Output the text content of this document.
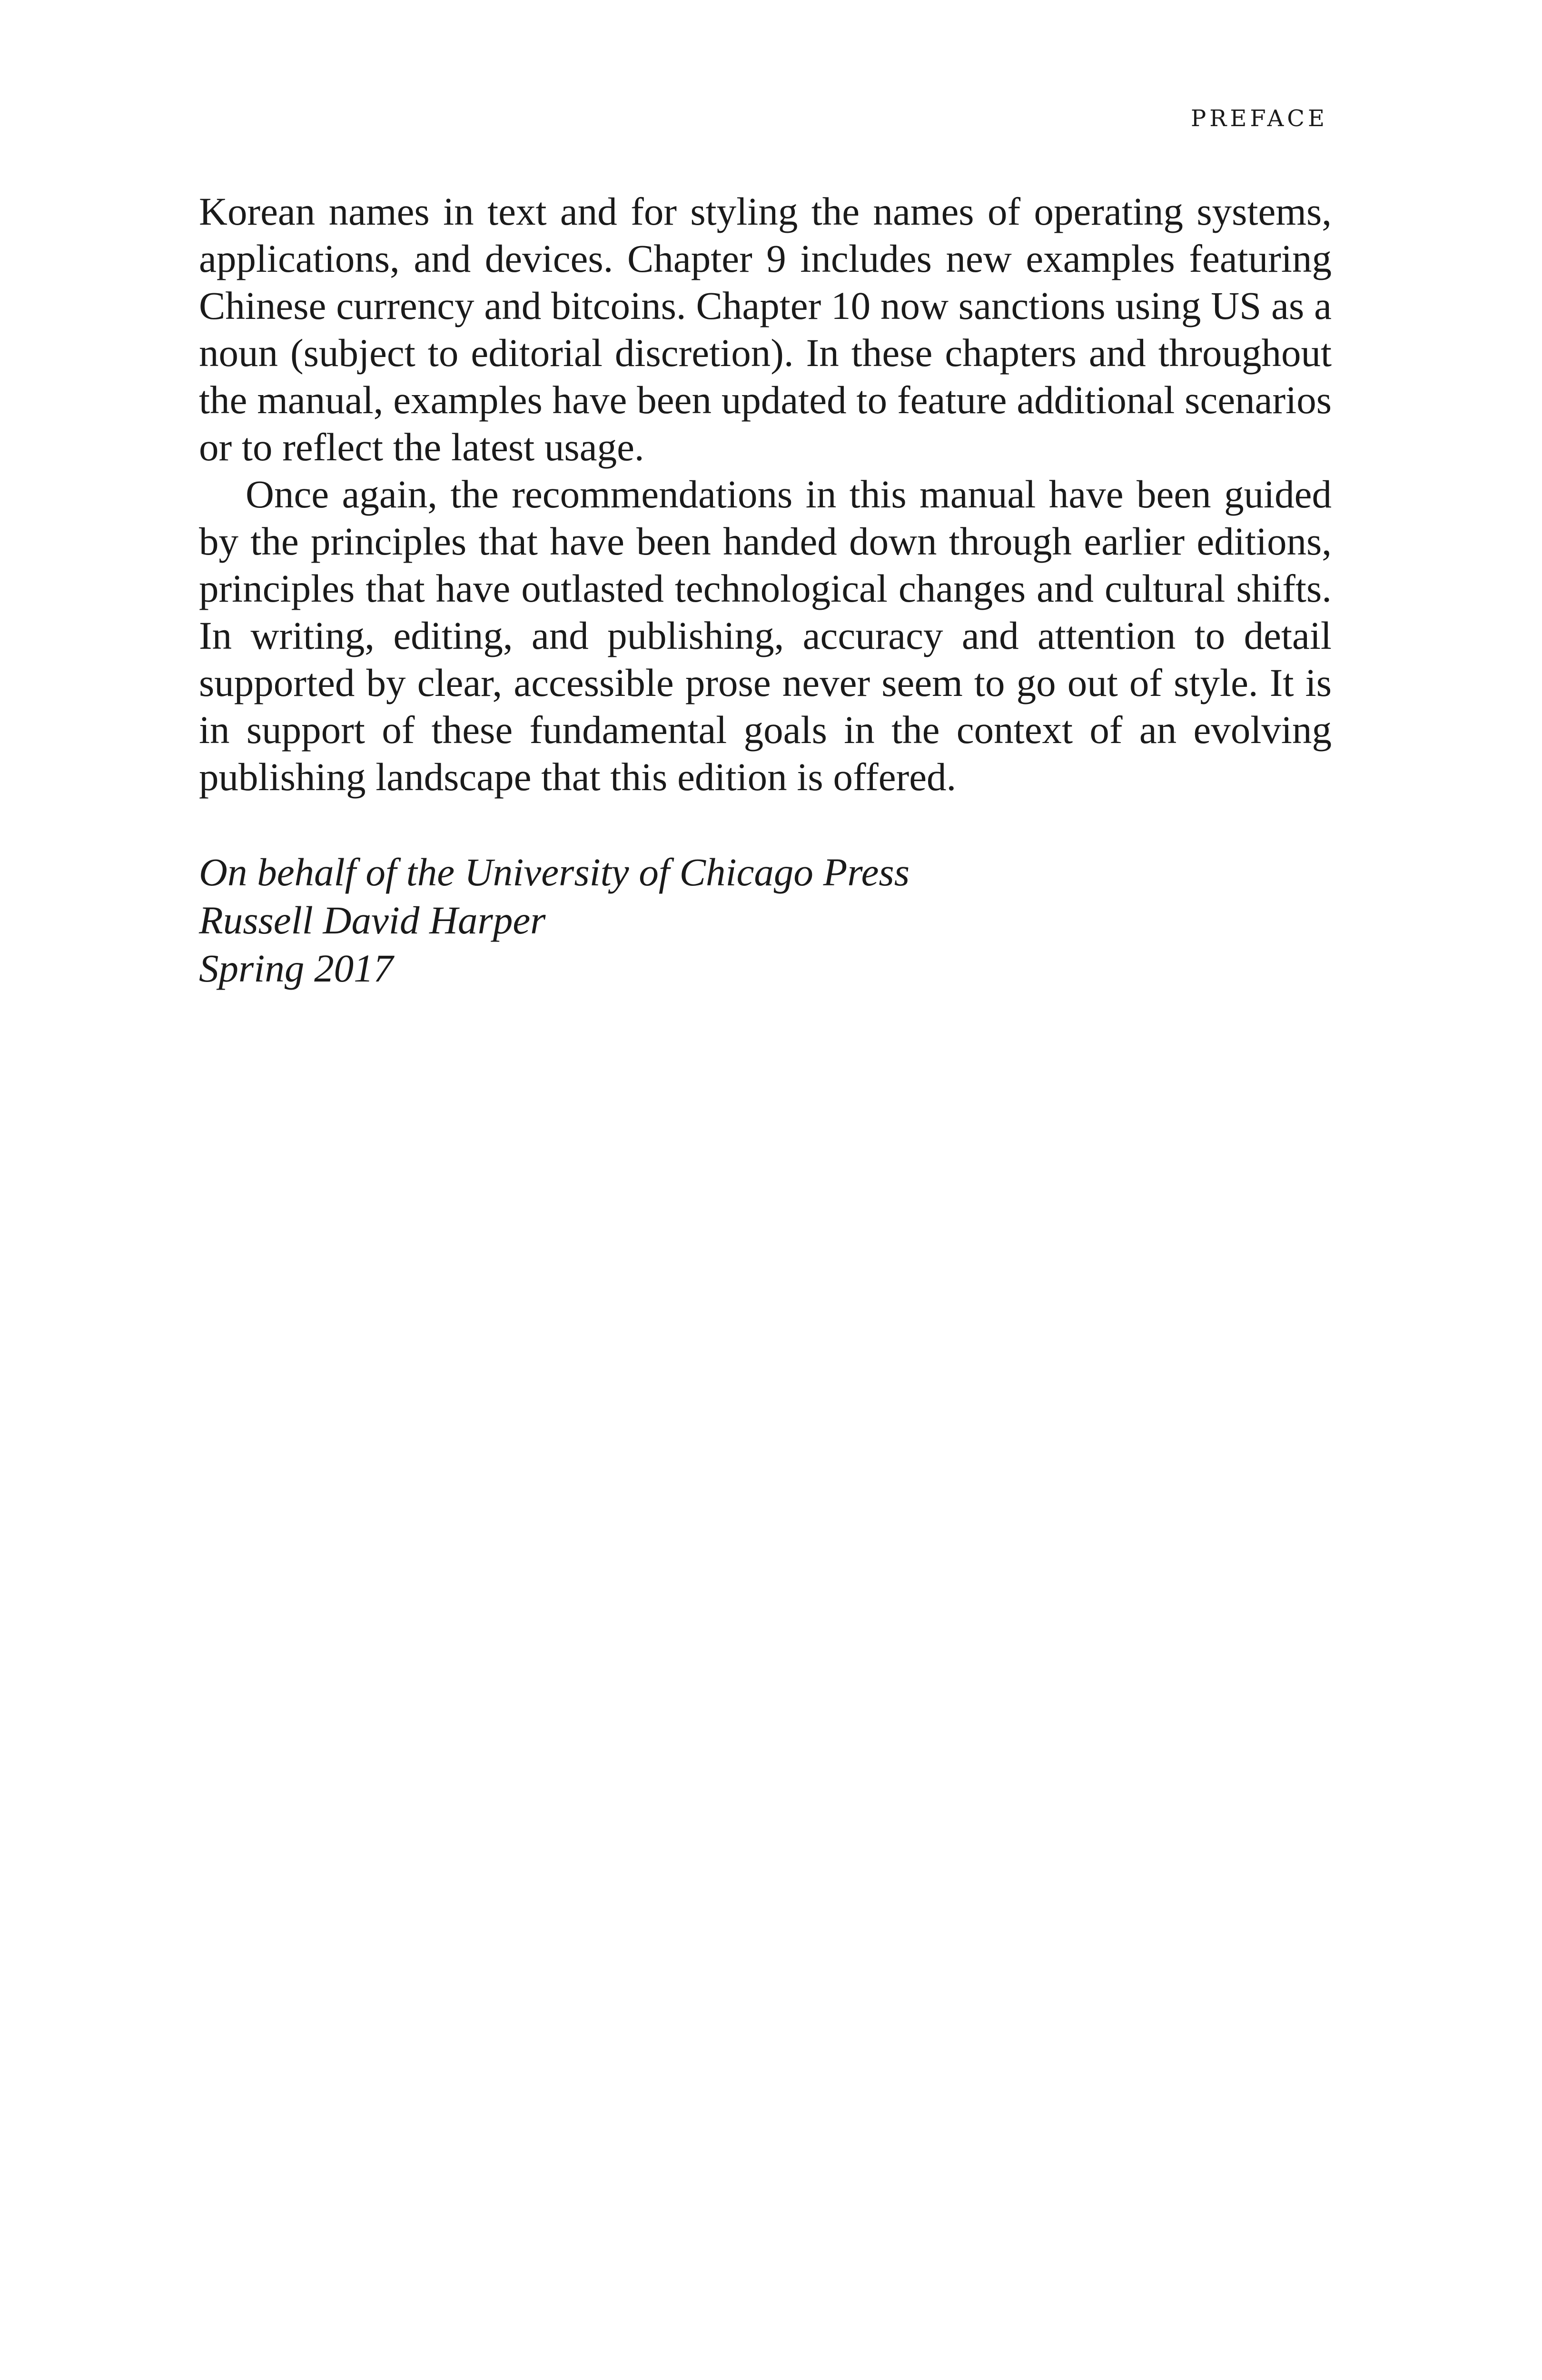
PREFACE

Korean names in text and for styling the names of operating systems, applications, and devices. Chapter 9 includes new examples featuring Chinese currency and bitcoins. Chapter 10 now sanctions using US as a noun (subject to editorial discretion). In these chapters and throughout the manual, examples have been updated to feature additional scenarios or to reflect the latest usage.

Once again, the recommendations in this manual have been guided by the principles that have been handed down through earlier editions, principles that have outlasted technological changes and cultural shifts. In writing, editing, and publishing, accuracy and attention to detail supported by clear, accessible prose never seem to go out of style. It is in support of these fundamental goals in the context of an evolving publishing landscape that this edition is offered.

On behalf of the University of Chicago Press
Russell David Harper
Spring 2017
